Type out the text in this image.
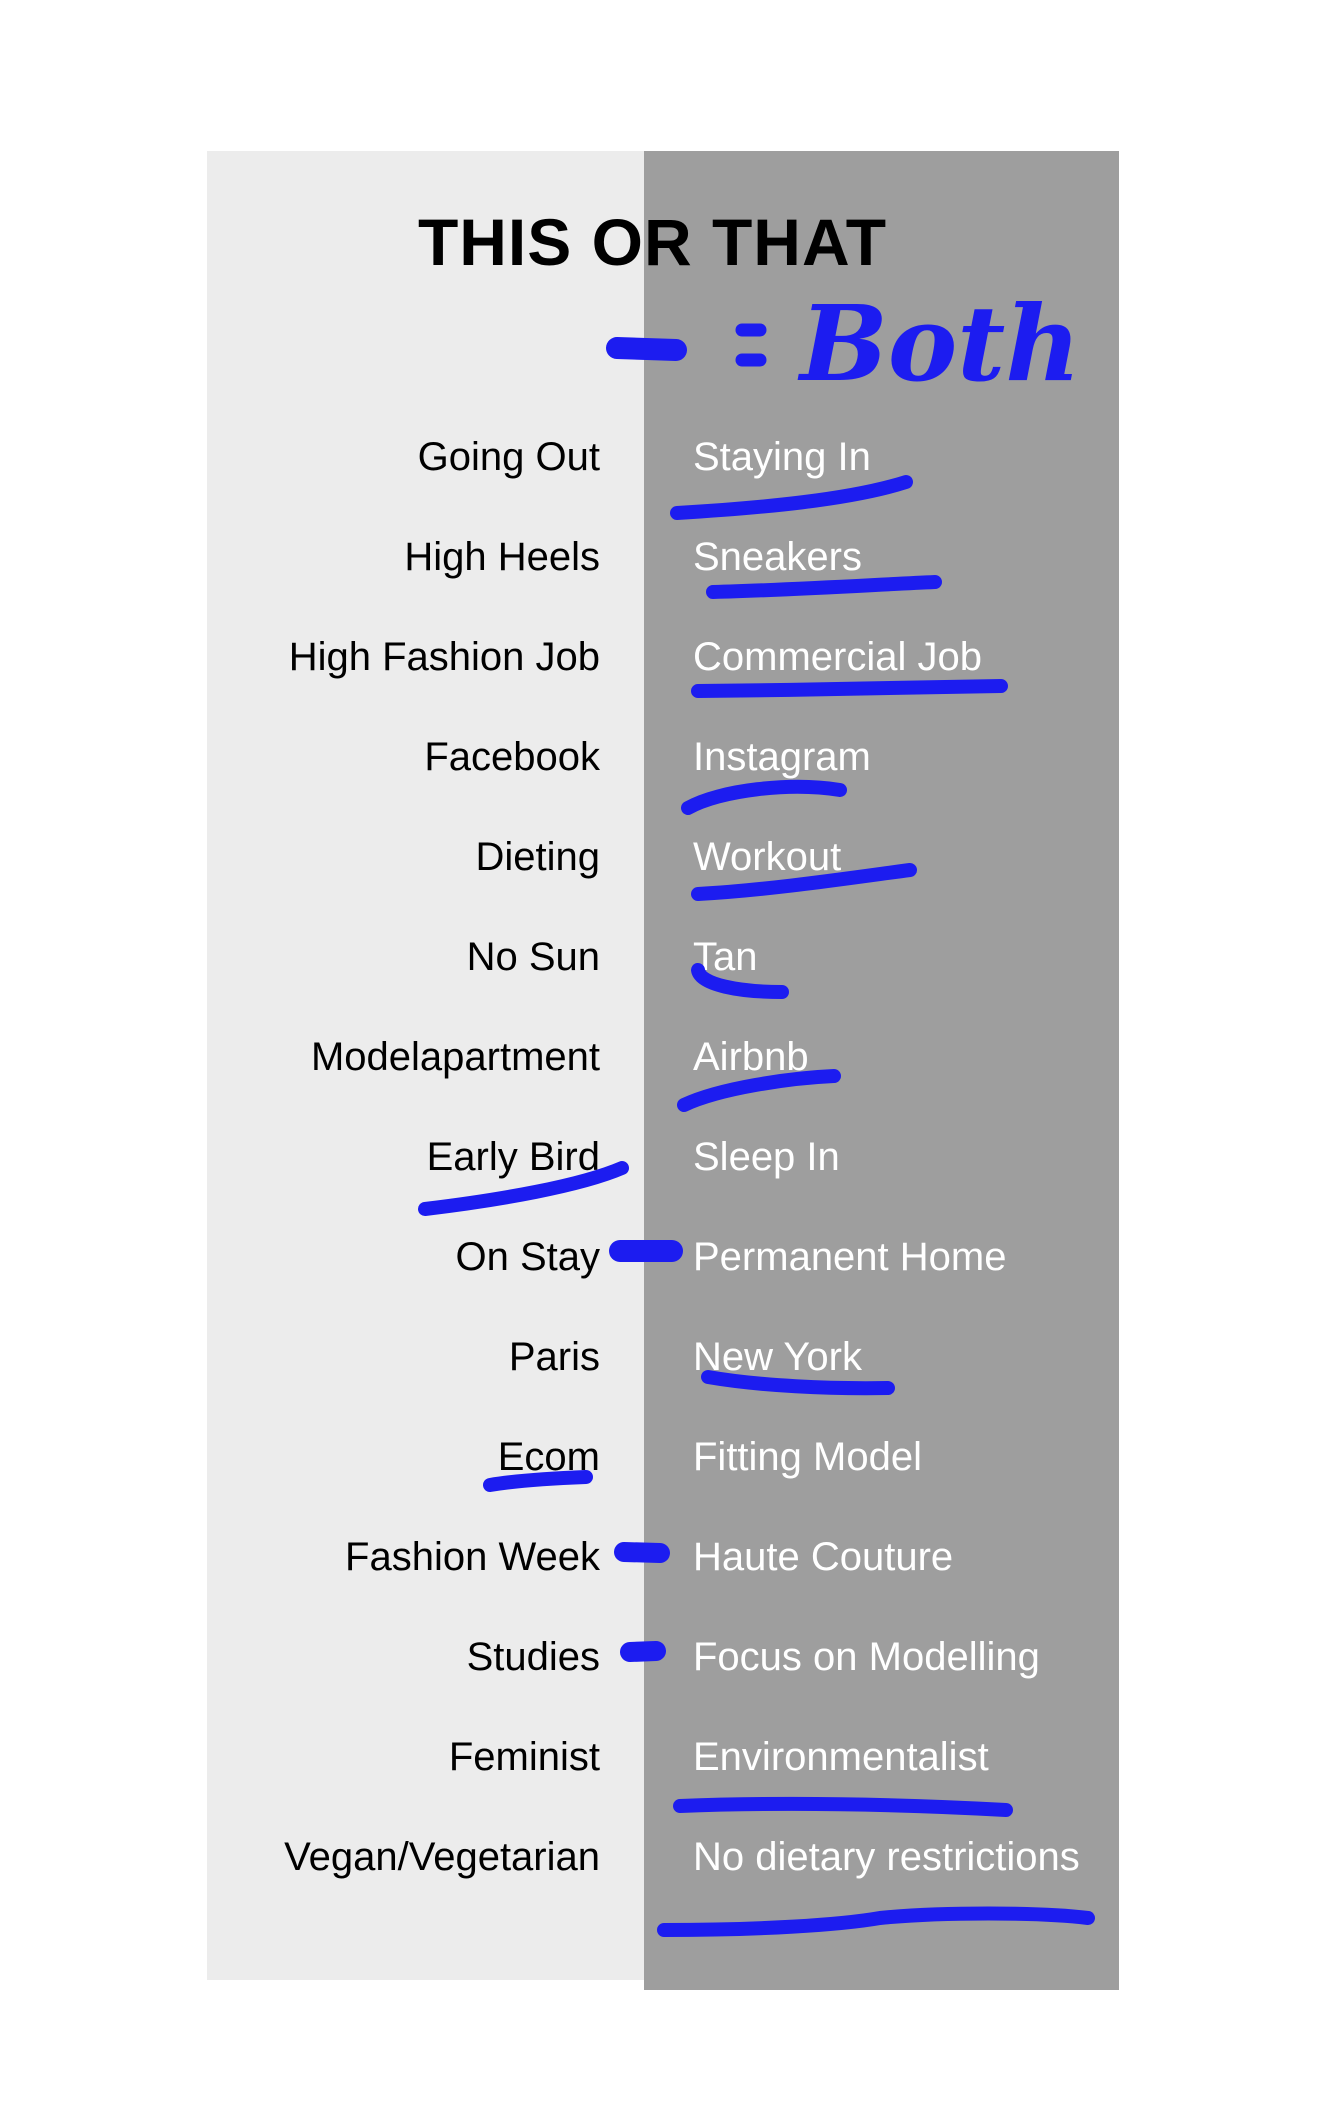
THIS OR THAT
Going Out Staying In
High Heels Sneakers
High Fashion Job Commercial Job
Facebook Instagram
Dieting Workout
No Sun Tan
Modelapartment Airbnb
Early Bird Sleep In
On Stay Permanent Home
Paris New York
Ecom Fitting Model
Fashion Week Haute Couture
Studies Focus on Modelling
Feminist Environmentalist
Vegan/Vegetarian No dietary restrictions
Both
